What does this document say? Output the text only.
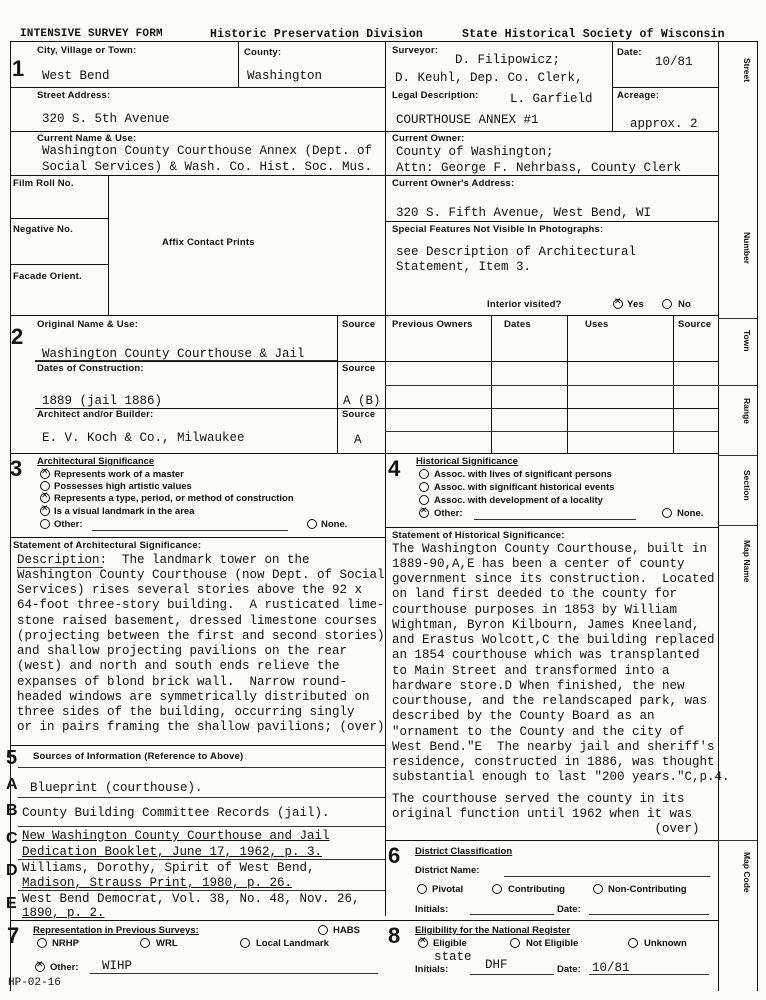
INTENSIVE SURVEY FORM	Historic Preservation Division	State Historical Society of Wisconsin
Street
Number
Town
Range
Section
Map Name
Map Code
1
City, Village or Town:
West Bend
County:
Washington
Surveyor:
D. Filipowicz;
D. Keuhl, Dep. Co. Clerk,
L. Garfield
Date:
10/81
Street Address:
320 S. 5th Avenue
Legal Description:
COURTHOUSE ANNEX #1
Acreage:
approx. 2
Current Name & Use:
Washington County Courthouse Annex (Dept. of
Social Services) & Wash. Co. Hist. Soc. Mus.
Current Owner:
County of Washington;
Attn: George F. Nehrbass, County Clerk
Film Roll No.
Negative No.
Facade Orient.
Affix Contact Prints
Current Owner's Address:
320 S. Fifth Avenue, West Bend, WI
Special Features Not Visible In Photographs:
see Description of Architectural
Statement, Item 3.
Interior visited?
✕	Yes	No
2 Original Name & Use:
Washington County Courthouse & Jail
Source
Dates of Construction:	Source
1889 (jail 1886)	A (B)
Architect and/or Builder:	Source
E. V. Koch & Co., Milwaukee	A
Previous Owners	Dates	Uses	Source
3 Architectural Significance
✕
Represents work of a master
Possesses high artistic values
✕
Represents a type, period, or method of construction
✕
Is a visual landmark in the area
Other:	None.
Statement of Architectural Significance:
Description:  The landmark tower on the
Washington County Courthouse (now Dept. of Social
Services) rises several stories above the 92 x
64-foot three-story building.  A rusticated lime-
stone raised basement, dressed limestone courses
(projecting between the first and second stories)
and shallow projecting pavilions on the rear
(west) and north and south ends relieve the
expanses of blond brick wall.  Narrow round-
headed windows are symmetrically distributed on
three sides of the building, occurring singly
or in pairs framing the shallow pavilions; (over)
4 Historical Significance
Assoc. with lives of significant persons
Assoc. with significant historical events
Assoc. with development of a locality
✕
Other:	None.
Statement of Historical Significance:
The Washington County Courthouse, built in
1889-90,A,E has been a center of county
government since its construction.  Located
on land first deeded to the county for
courthouse purposes in 1853 by William
Wightman, Byron Kilbourn, James Kneeland,
and Erastus Wolcott,C the building replaced
an 1854 courthouse which was transplanted
to Main Street and transformed into a
hardware store.D When finished, the new
courthouse, and the relandscaped park, was
described by the County Board as an
"ornament to the County and the city of
West Bend."E  The nearby jail and sheriff's
residence, constructed in 1886, was thought
substantial enough to last "200 years."C,p.4.
The courthouse served the county in its
original function until 1962 when it was
(over)
5 Sources of Information (Reference to Above)
A Blueprint (courthouse).
B County Building Committee Records (jail).
C New Washington County Courthouse and Jail
Dedication Booklet, June 17, 1962, p. 3.
D Williams, Dorothy, Spirit of West Bend,
Madison, Strauss Print, 1980, p. 26.
E West Bend Democrat, Vol. 38, No. 48, Nov. 26,
1890, p. 2.
6 District Classification
District Name:
Pivotal	Contributing	Non-Contributing
Initials:	Date:
7 Representation in Previous Surveys:	HABS
NRHP	WRL	Local Landmark
✕
Other: WIHP
8 Eligibility for the National Register
✕
Eligible	Not Eligible	Unknown
state
Initials:	DHF	Date: 10/81
HP-02-16
